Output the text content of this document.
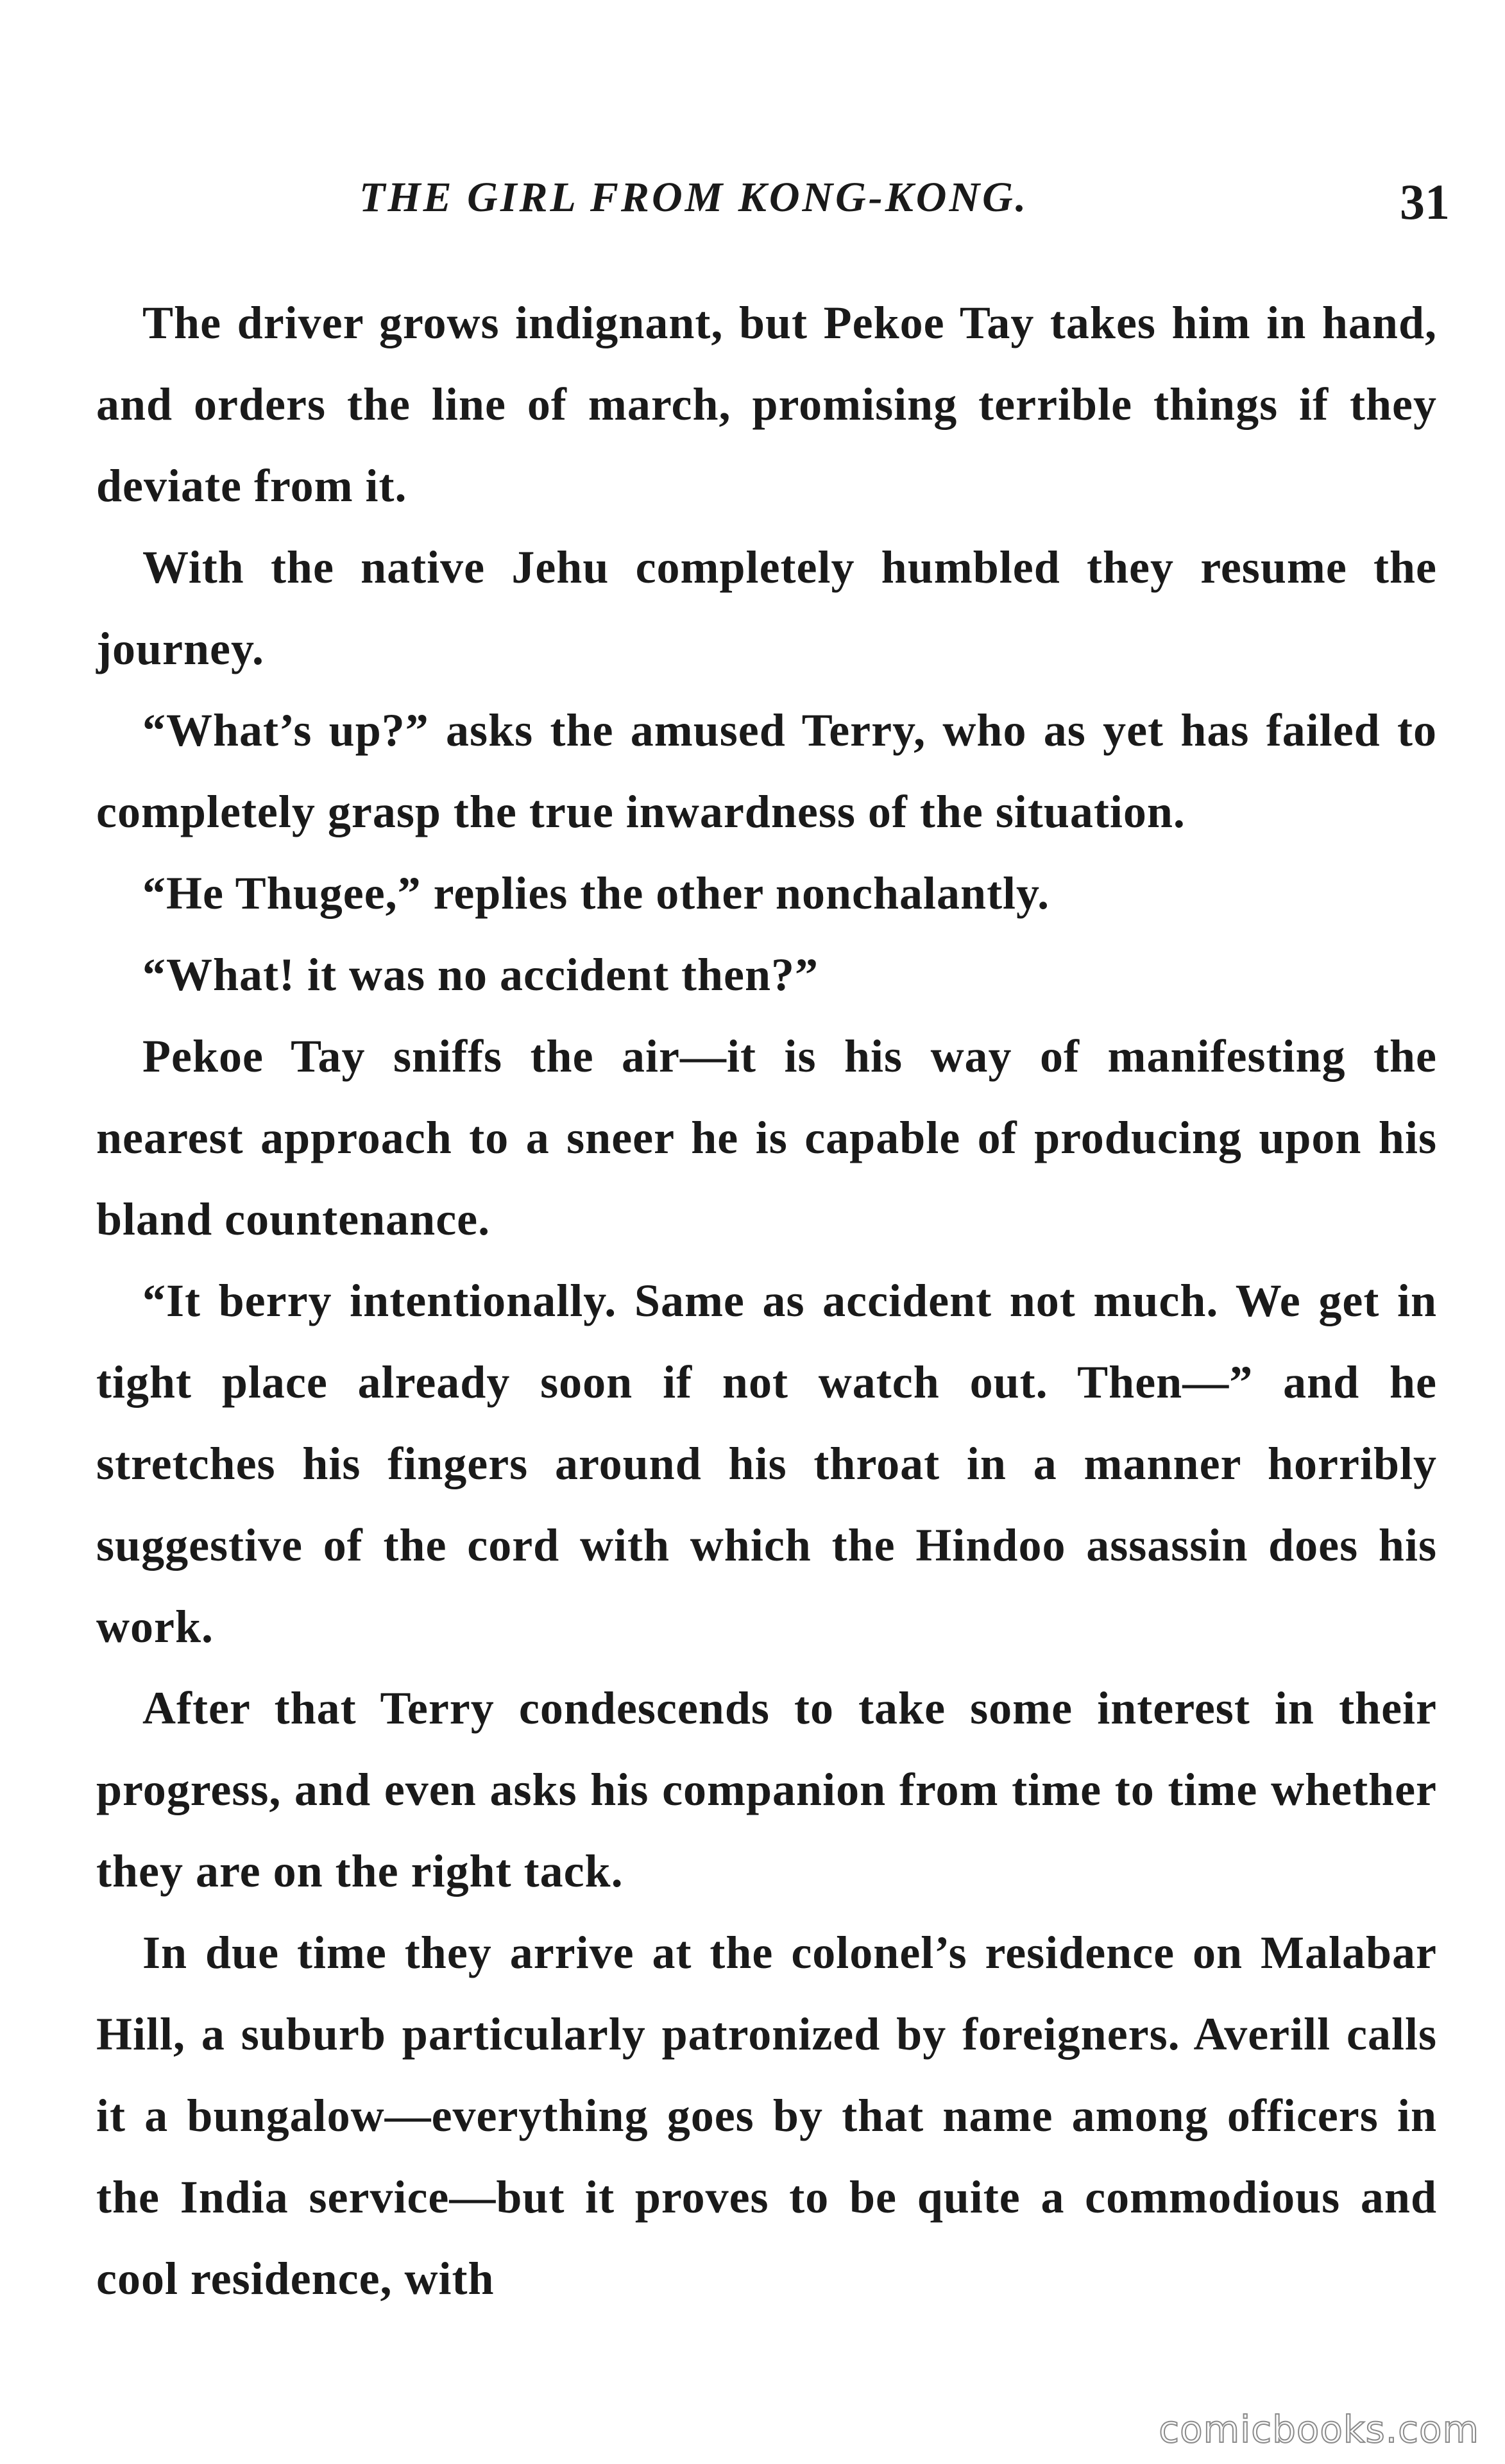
THE GIRL FROM KONG-KONG.	31

The driver grows indignant, but Pekoe Tay takes him in hand, and orders the line of march, promising terrible things if they deviate from it.

With the native Jehu completely humbled they resume the journey.

“What’s up?” asks the amused Terry, who as yet has failed to completely grasp the true inwardness of the situation.

“He Thugee,” replies the other nonchalantly.

“What! it was no accident then?”

Pekoe Tay sniffs the air—it is his way of manifesting the nearest approach to a sneer he is capable of producing upon his bland countenance.

“It berry intentionally. Same as accident not much. We get in tight place already soon if not watch out. Then—” and he stretches his fingers around his throat in a manner horribly suggestive of the cord with which the Hindoo assassin does his work.

After that Terry condescends to take some interest in their progress, and even asks his companion from time to time whether they are on the right tack.

In due time they arrive at the colonel’s residence on Malabar Hill, a suburb particularly patronized by foreigners. Averill calls it a bungalow—everything goes by that name among officers in the India service—but it proves to be quite a commodious and cool residence, with

comicbooks.com
